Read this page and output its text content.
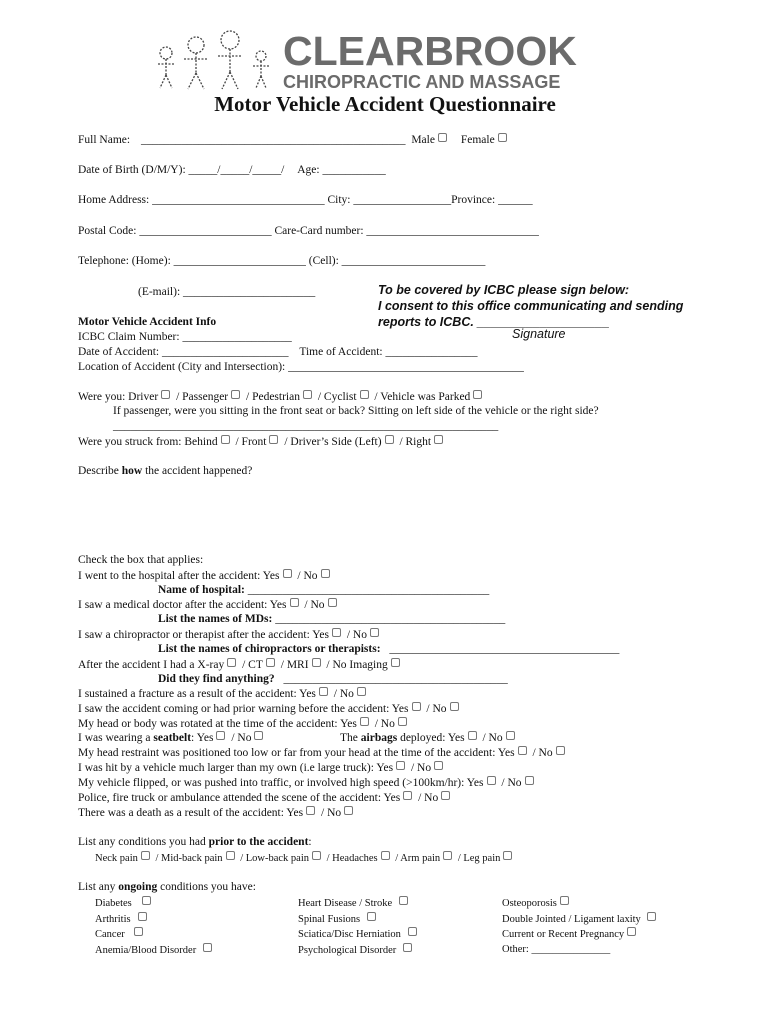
CLEARBROOK
CHIROPRACTIC AND MASSAGE
Motor Vehicle Accident Questionnaire
Full Name: ______________________________________________ Male Female
Date of Birth (D/M/Y): _____/_____/_____/ Age: ___________
Home Address: ______________________________ City: _________________Province: ______
Postal Code: _______________________ Care-Card number: ______________________________
Telephone: (Home): _______________________ (Cell): _________________________
(E-mail): _______________________	To be covered by ICBC please sign below:
I consent to this office communicating and sending
reports to ICBC. ___________________
Signature
Motor Vehicle Accident Info
ICBC Claim Number: ___________________
Date of Accident: ______________________ Time of Accident: ________________
Location of Accident (City and Intersection): _________________________________________
Were you: Driver / Passenger / Pedestrian / Cyclist / Vehicle was Parked
If passenger, were you sitting in the front seat or back? Sitting on left side of the vehicle or the right side?
___________________________________________________________________
Were you struck from: Behind / Front / Driver’s Side (Left) / Right
Describe how the accident happened?
Check the box that applies:
I went to the hospital after the accident: Yes / No
Name of hospital: __________________________________________
I saw a medical doctor after the accident: Yes / No
List the names of MDs: ________________________________________
I saw a chiropractor or therapist after the accident: Yes / No
List the names of chiropractors or therapists: ________________________________________
After the accident I had a X-ray / CT / MRI / No Imaging
Did they find anything? _______________________________________
I sustained a fracture as a result of the accident: Yes / No
I saw the accident coming or had prior warning before the accident: Yes / No
My head or body was rotated at the time of the accident: Yes / No
I was wearing a seatbelt: Yes / No	The airbags deployed: Yes / No
My head restraint was positioned too low or far from your head at the time of the accident: Yes / No
I was hit by a vehicle much larger than my own (i.e large truck): Yes / No
My vehicle flipped, or was pushed into traffic, or involved high speed (>100km/hr): Yes / No
Police, fire truck or ambulance attended the scene of the accident: Yes / No
There was a death as a result of the accident: Yes / No
List any conditions you had prior to the accident:
Neck pain / Mid-back pain / Low-back pain / Headaches / Arm pain / Leg pain
List any ongoing conditions you have:
Diabetes
Arthritis
Cancer
Anemia/Blood Disorder
Heart Disease / Stroke
Spinal Fusions
Sciatica/Disc Herniation
Psychological Disorder
Osteoporosis
Double Jointed / Ligament laxity
Current or Recent Pregnancy
Other: _______________
